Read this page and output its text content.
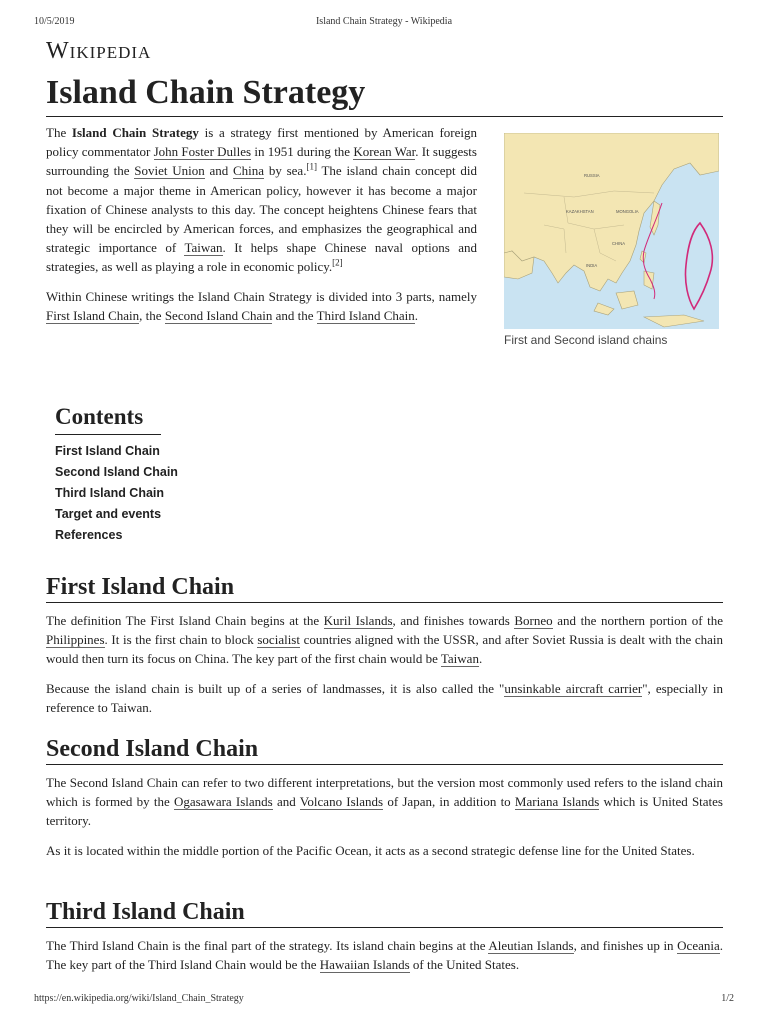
10/5/2019	Island Chain Strategy - Wikipedia
Wikipedia
Island Chain Strategy

The Island Chain Strategy is a strategy first mentioned by American foreign policy commentator John Foster Dulles in 1951 during the Korean War. It suggests surrounding the Soviet Union and China by sea.[1] The island chain concept did not become a major theme in American policy, however it has become a major fixation of Chinese analysts to this day. The concept heightens Chinese fears that they will be encircled by American forces, and emphasizes the geographical and strategic importance of Taiwan. It helps shape Chinese naval options and strategies, as well as playing a role in economic policy.[2]

Within Chinese writings the Island Chain Strategy is divided into 3 parts, namely First Island Chain, the Second Island Chain and the Third Island Chain.

RUSSIA
KAZAKHSTAN	MONGOLIA
CHINA
INDIA
First and Second island chains
Contents
First Island Chain
Second Island Chain
Third Island Chain
Target and events
References
First Island Chain

The definition The First Island Chain begins at the Kuril Islands, and finishes towards Borneo and the northern portion of the Philippines. It is the first chain to block socialist countries aligned with the USSR, and after Soviet Russia is dealt with the chain would then turn its focus on China. The key part of the first chain would be Taiwan.

Because the island chain is built up of a series of landmasses, it is also called the "unsinkable aircraft carrier", especially in reference to Taiwan.

Second Island Chain

The Second Island Chain can refer to two different interpretations, but the version most commonly used refers to the island chain which is formed by the Ogasawara Islands and Volcano Islands of Japan, in addition to Mariana Islands which is United States territory.

As it is located within the middle portion of the Pacific Ocean, it acts as a second strategic defense line for the United States.

Third Island Chain

The Third Island Chain is the final part of the strategy. Its island chain begins at the Aleutian Islands, and finishes up in Oceania. The key part of the Third Island Chain would be the Hawaiian Islands of the United States.

https://en.wikipedia.org/wiki/Island_Chain_Strategy	1/2
